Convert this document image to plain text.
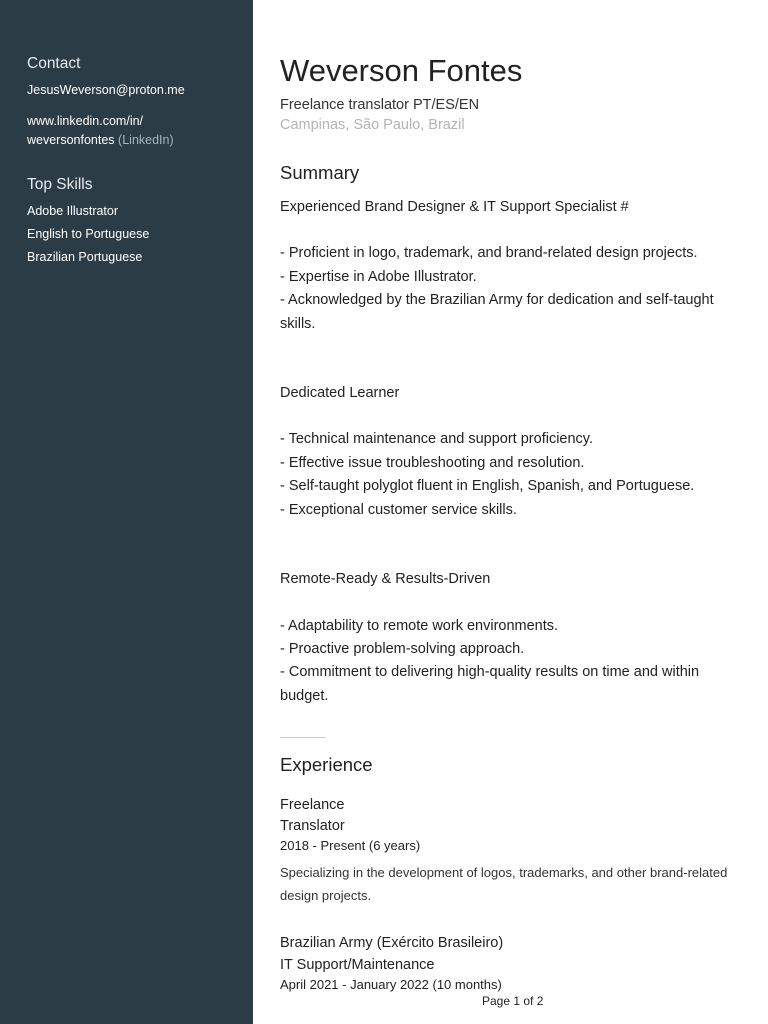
Contact
JesusWeverson@proton.me
www.linkedin.com/in/
weversonfontes (LinkedIn)
Top Skills
Adobe Illustrator
English to Portuguese
Brazilian Portuguese
Weverson Fontes
Freelance translator PT/ES/EN
Campinas, São Paulo, Brazil
Summary
Experienced Brand Designer & IT Support Specialist #
- Proficient in logo, trademark, and brand-related design projects.
- Expertise in Adobe Illustrator.
- Acknowledged by the Brazilian Army for dedication and self-taught
skills.
Dedicated Learner
- Technical maintenance and support proficiency.
- Effective issue troubleshooting and resolution.
- Self-taught polyglot fluent in English, Spanish, and Portuguese.
- Exceptional customer service skills.
Remote-Ready & Results-Driven
- Adaptability to remote work environments.
- Proactive problem-solving approach.
- Commitment to delivering high-quality results on time and within
budget.
Experience
Freelance
Translator
2018 - Present (6 years)
Specializing in the development of logos, trademarks, and other brand-related
design projects.
Brazilian Army (Exército Brasileiro)
IT Support/Maintenance
April 2021 - January 2022 (10 months)
Page 1 of 2
